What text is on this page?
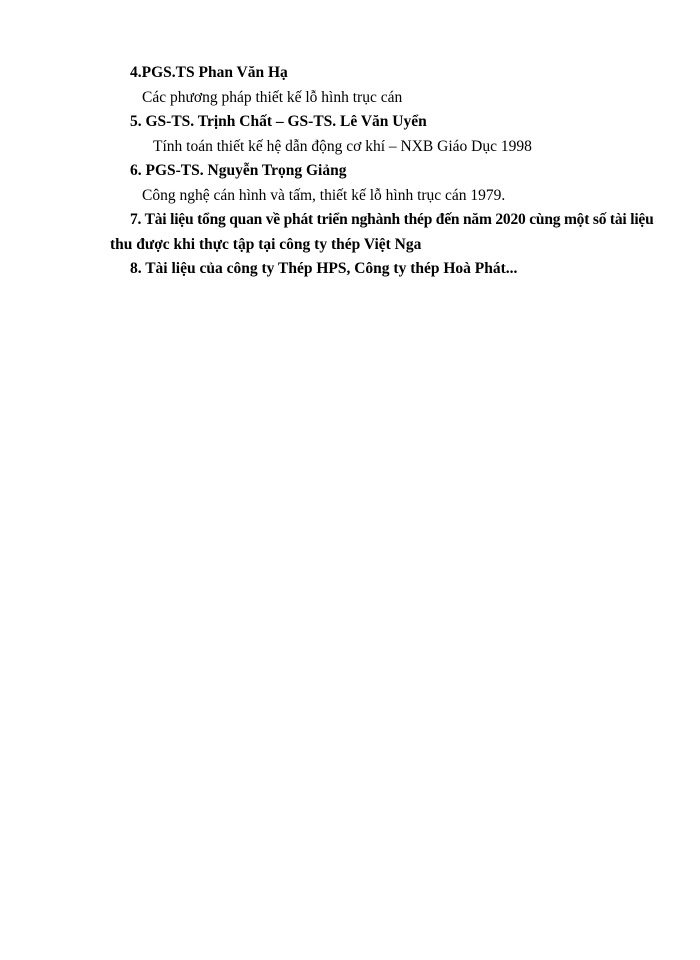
4.PGS.TS Phan Văn Hạ

Các phương pháp thiết kế lỗ hình trục cán

5. GS-TS. Trịnh Chất – GS-TS. Lê Văn Uyển

Tính toán thiết kế hệ dẫn động cơ khí – NXB Giáo Dục 1998

6. PGS-TS. Nguyễn Trọng Giảng

Công nghệ cán hình và tấm, thiết kế lỗ hình trục cán 1979.

7. Tài liệu tổng quan về phát triển nghành thép đến năm 2020 cùng một số tài liệu

thu được khi thực tập tại công ty thép Việt Nga

8. Tài liệu của công ty Thép HPS, Công ty thép Hoà Phát...
